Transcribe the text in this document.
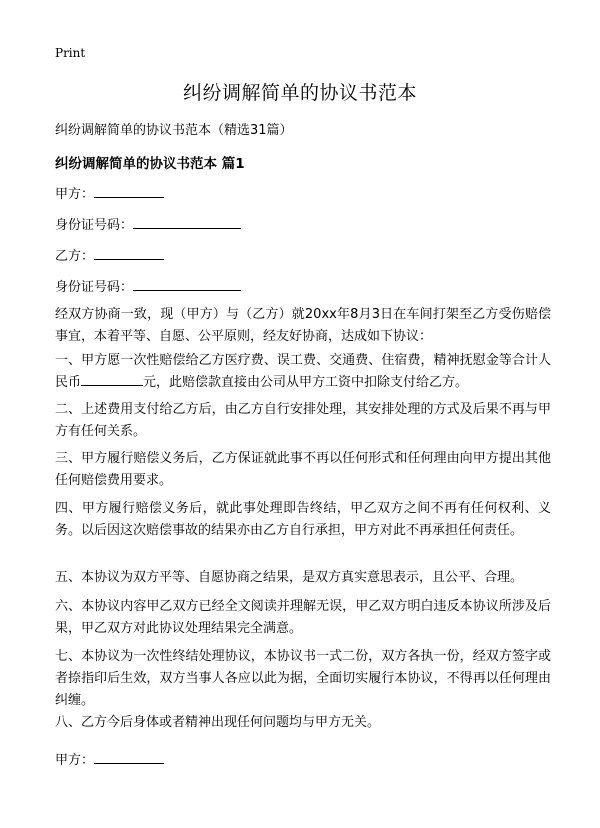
Print
纠纷调解简单的协议书范本
纠纷调解简单的协议书范本（精选31篇）
纠纷调解简单的协议书范本 篇1
甲方：
身份证号码：
乙方：
身份证号码：
经双方协商一致，现（甲方）与（乙方）就20xx年8月3日在车间打架至乙方受伤赔偿事宜，本着平等、自愿、公平原则，经友好协商，达成如下协议：
一、甲方愿一次性赔偿给乙方医疗费、误工费、交通费、住宿费，精神抚慰金等合计人民币	元，此赔偿款直接由公司从甲方工资中扣除支付给乙方。
二、上述费用支付给乙方后，由乙方自行安排处理，其安排处理的方式及后果不再与甲方有任何关系。
三、甲方履行赔偿义务后，乙方保证就此事不再以任何形式和任何理由向甲方提出其他任何赔偿费用要求。
四、甲方履行赔偿义务后，就此事处理即告终结，甲乙双方之间不再有任何权利、义务。以后因这次赔偿事故的结果亦由乙方自行承担，甲方对此不再承担任何责任。
五、本协议为双方平等、自愿协商之结果，是双方真实意思表示，且公平、合理。
六、本协议内容甲乙双方已经全文阅读并理解无误，甲乙双方明白违反本协议所涉及后果，甲乙双方对此协议处理结果完全满意。
七、本协议为一次性终结处理协议，本协议书一式二份，双方各执一份，经双方签字或者捺指印后生效，双方当事人各应以此为据，全面切实履行本协议，不得再以任何理由纠缠。
八、乙方今后身体或者精神出现任何问题均与甲方无关。
甲方：
